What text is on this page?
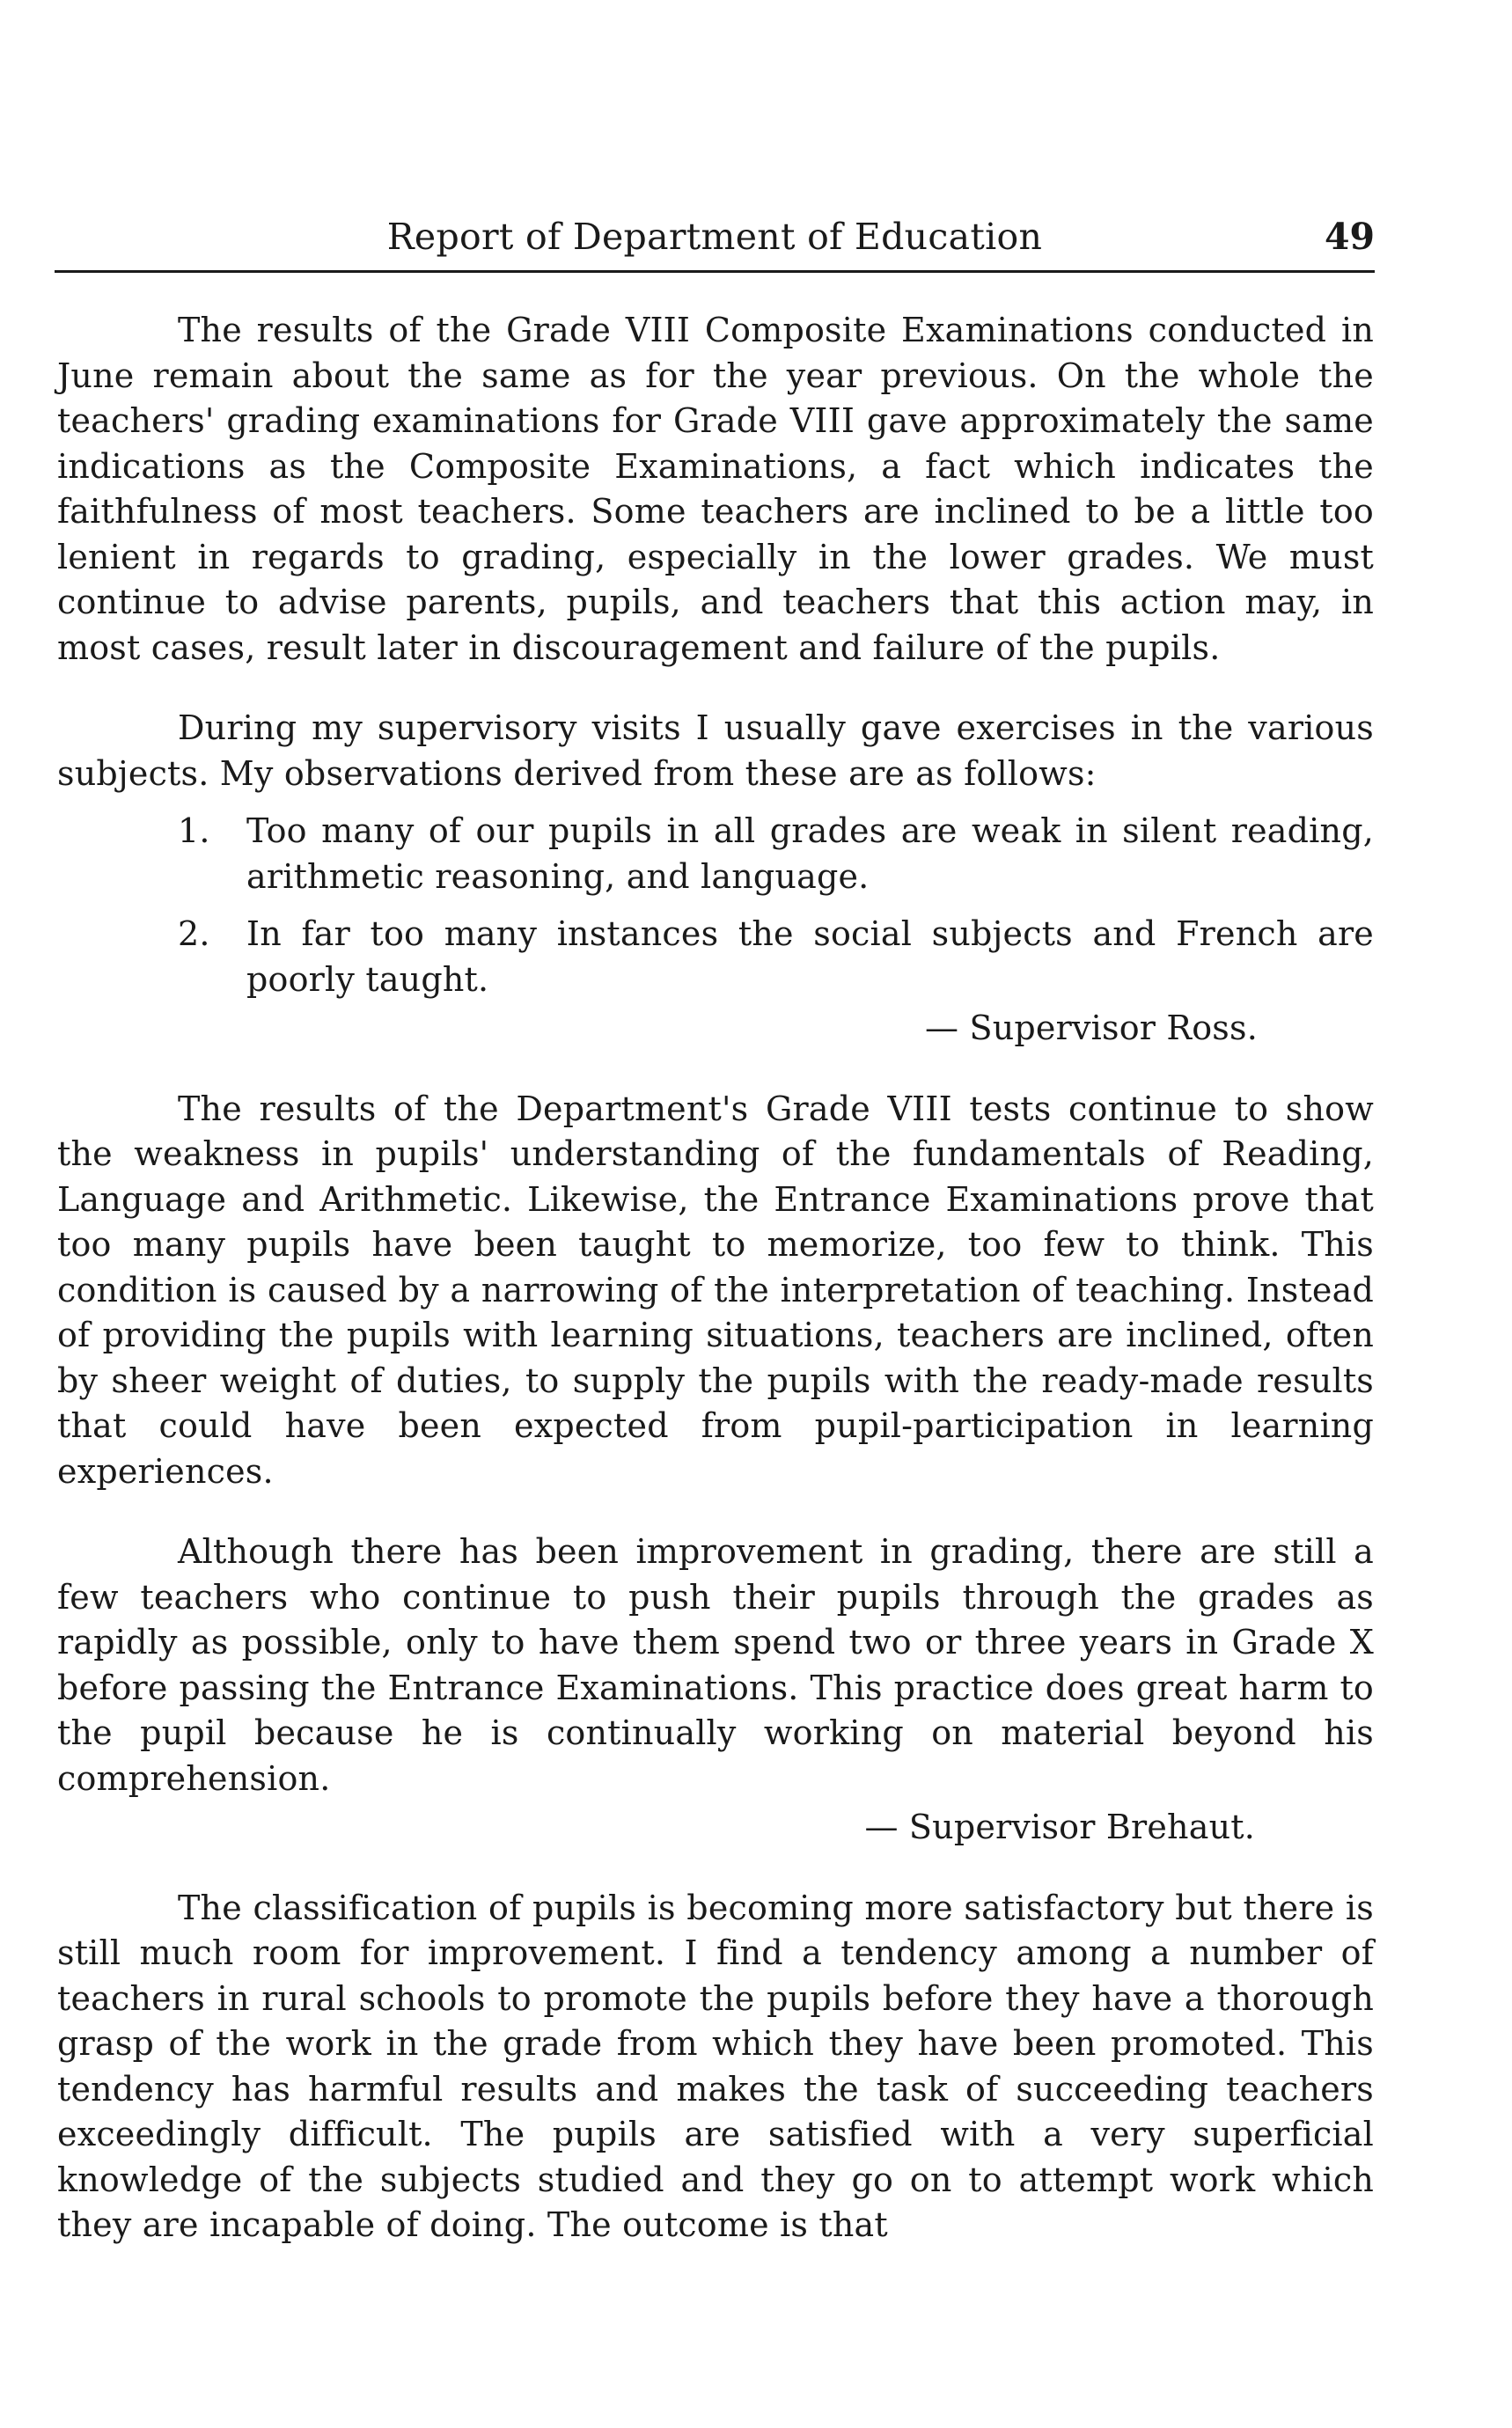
Report of Department of Education	49

The results of the Grade VIII Composite Examinations conducted in June remain about the same as for the year previous. On the whole the teachers' grading examinations for Grade VIII gave approximately the same indications as the Composite Examinations, a fact which indicates the faithfulness of most teachers. Some teachers are inclined to be a little too lenient in regards to grading, especially in the lower grades. We must continue to advise parents, pupils, and teachers that this action may, in most cases, result later in discouragement and failure of the pupils.

During my supervisory visits I usually gave exercises in the various subjects. My observations derived from these are as follows:

1. Too many of our pupils in all grades are weak in silent reading, arithmetic reasoning, and language.
2. In far too many instances the social subjects and French are poorly taught.

— Supervisor Ross.

The results of the Department's Grade VIII tests continue to show the weakness in pupils' understanding of the fundamentals of Reading, Language and Arithmetic. Likewise, the Entrance Examinations prove that too many pupils have been taught to memorize, too few to think. This condition is caused by a narrowing of the interpretation of teaching. Instead of providing the pupils with learning situations, teachers are inclined, often by sheer weight of duties, to supply the pupils with the ready-made results that could have been expected from pupil-participation in learning experiences.

Although there has been improvement in grading, there are still a few teachers who continue to push their pupils through the grades as rapidly as possible, only to have them spend two or three years in Grade X before passing the Entrance Examinations. This practice does great harm to the pupil because he is continually working on material beyond his comprehension.

— Supervisor Brehaut.

The classification of pupils is becoming more satisfactory but there is still much room for improvement. I find a tendency among a number of teachers in rural schools to promote the pupils before they have a thorough grasp of the work in the grade from which they have been promoted. This tendency has harmful results and makes the task of succeeding teachers exceedingly difficult. The pupils are satisfied with a very superficial knowledge of the subjects studied and they go on to attempt work which they are incapable of doing. The outcome is that
